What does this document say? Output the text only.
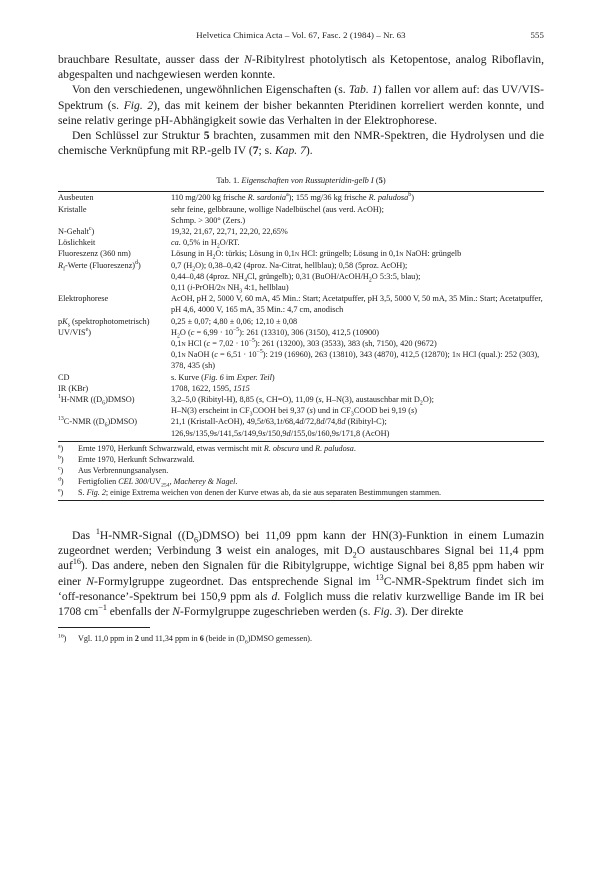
Helvetica Chimica Acta – Vol. 67, Fasc. 2 (1984) – Nr. 63	555

brauchbare Resultate, ausser dass der N-Ribitylrest photolytisch als Ketopentose, analog Riboflavin, abgespalten und nachgewiesen werden konnte.

Von den verschiedenen, ungewöhnlichen Eigenschaften (s. Tab. 1) fallen vor allem auf: das UV/VIS-Spektrum (s. Fig. 2), das mit keinem der bisher bekannten Pteridinen korreliert werden konnte, und seine relativ geringe pH-Abhängigkeit sowie das Verhalten in der Elektrophorese.

Den Schlüssel zur Struktur 5 brachten, zusammen mit den NMR-Spektren, die Hydrolysen und die chemische Verknüpfung mit RP.-gelb IV (7; s. Kap. 7).

Tab. 1. Eigenschaften von Russupteridin-gelb I (5)
Ausbeuten	110 mg/200 kg frische R. sardonia$^a$); 155 mg/36 kg frische R. paludosa$^b$)
Kristalle	sehr feine, gelbbraune, wollige Nadelbüschel (aus verd. AcOH);
Schmp. > 300° (Zers.)
N-Gehalt$^c$)	19,32, 21,67, 22,71, 22,20, 22,65%
Löslichkeit	ca. 0,5% in $H_2O/RT$.
Fluoreszenz (360 nm)	Lösung in $H_2O$: türkis; Lösung in 0,1n HCl: grüngelb; Lösung in 0,1n NaOH: grüngelb
$R_f$-Werte (Fluoreszenz)$^d$)	0,7 $(H_2O)$; 0,38–0,42 (4proz. Na-Citrat, hellblau); 0,58 (5proz. AcOH);
0,44–0,48 (4proz. $NH_4Cl$, grüngelb); 0,31 ($BuOH/AcOH/H_2O$ 5:3:5, blau);
0,11 (i-PrOH/2n $NH_3$ 4:1, hellblau)
Elektrophorese	AcOH, pH 2, 5000 V, 60 mA, 45 Min.: Start; Acetatpuffer, pH 3,5, 5000 V, 50 mA, 35 Min.: Start; Acetatpuffer, pH 4,6, 4000 V, 165 mA, 35 Min.: 4,7 cm, anodisch
$pK_s$ (spektrophotometrisch)	0,25 ± 0,07; 4,80 ± 0,06; 12,10 ± 0,08
UV/VIS$^e$)	$H_2O$ $(c = 6,99 \cdot 10^{-5})$: 261 (13310), 306 (3150), 412,5 (10900)
0,1n HCl $(c = 7,02 \cdot 10^{-5})$: 261 (13200), 303 (3533), 383 (sh, 7150), 420 (9672)
0,1n NaOH $(c = 6,51 \cdot 10^{-5})$: 219 (16960), 263 (13810), 343 (4870), 412,5 (12870); 1n HCl (qual.): 252 (303), 378, 435 (sh)
CD	s. Kurve (Fig. 6 im Exper. Teil)
IR (KBr)	1708, 1622, 1595, 1515
$^1$H-NMR $((D_6)DMSO)$	3,2–5,0 (Ribityl-H), 8,85 (s, CH=O), 11,09 (s, H–N(3), austauschbar mit $D_2O$);
H–N(3) erscheint in $CF_3COOH$ bei 9,37 (s) und in $CF_3COOD$ bei 9,19 (s)
$^{13}$C-NMR $((D_6)DMSO)$	21,1 (Kristall-AcOH), 49,5t/63,1t/68,4d/72,8d/74,8d (Ribityl-C);
126,9s/135,9s/141,5s/149,9s/150,9d/155,0s/160,9s/171,8 (AcOH)
$^a$)	Ernte 1970, Herkunft Schwarzwald, etwas vermischt mit R. obscura und R. paludosa.
$^b$)	Ernte 1970, Herkunft Schwarzwald.
$^c$)	Aus Verbrennungsanalysen.
$^d$)	Fertigfolien CEL $300/UV_{254}$, Macherey & Nagel.
$^e$)	S. Fig. 2; einige Extrema weichen von denen der Kurve etwas ab, da sie aus separaten Bestimmungen stammen.

Das $^1$H-NMR-Signal $((D_6)DMSO)$ bei 11,09 ppm kann der HN(3)-Funktion in einem Lumazin zugeordnet werden; Verbindung 3 weist ein analoges, mit $D_2O$ austauschbares Signal bei 11,4 ppm auf$^{16}$). Das andere, neben den Signalen für die Ribitylgruppe, wichtige Signal bei 8,85 ppm haben wir einer N-Formylgruppe zugeordnet. Das entsprechende Signal im $^{13}$C-NMR-Spektrum findet sich im ‘off-resonance’-Spektrum bei 150,9 ppm als d. Folglich muss die relativ kurzwellige Bande im IR bei 1708 $cm^{-1}$ ebenfalls der N-Formylgruppe zugeschrieben werden (s. Fig. 3). Der direkte

$^{16}$)	Vgl. 11,0 ppm in 2 und 11,34 ppm in 6 (beide in $(D_6)DMSO$ gemessen).
